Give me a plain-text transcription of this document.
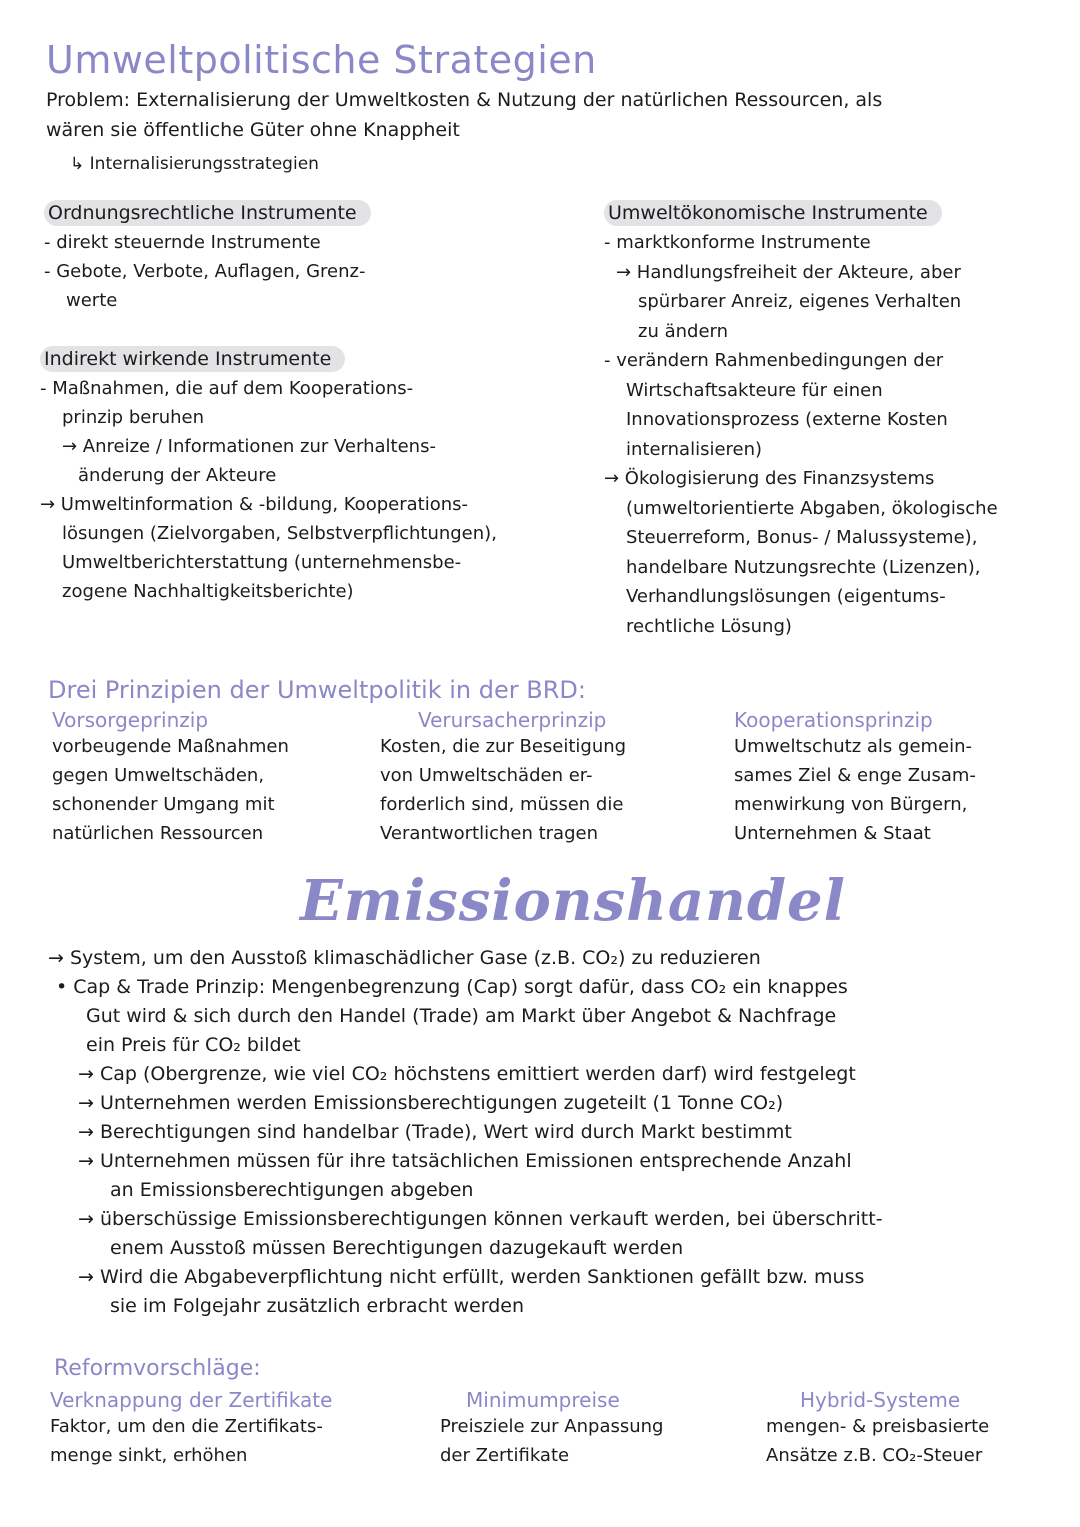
Umweltpolitische Strategien
Problem: Externalisierung der Umweltkosten & Nutzung der natürlichen Ressourcen, als
wären sie öffentliche Güter ohne Knappheit
↳ Internalisierungsstrategien
Ordnungsrechtliche Instrumente
- direkt steuernde Instrumente
- Gebote, Verbote, Auflagen, Grenz-
werte
Indirekt wirkende Instrumente
- Maßnahmen, die auf dem Kooperations-
prinzip beruhen
→ Anreize / Informationen zur Verhaltens-
änderung der Akteure
→ Umweltinformation & -bildung, Kooperations-
lösungen (Zielvorgaben, Selbstverpflichtungen),
Umweltberichterstattung (unternehmensbe-
zogene Nachhaltigkeitsberichte)
Umweltökonomische Instrumente
- marktkonforme Instrumente
→ Handlungsfreiheit der Akteure, aber
spürbarer Anreiz, eigenes Verhalten
zu ändern
- verändern Rahmenbedingungen der
Wirtschaftsakteure für einen
Innovationsprozess (externe Kosten
internalisieren)
→ Ökologisierung des Finanzsystems
(umweltorientierte Abgaben, ökologische
Steuerreform, Bonus- / Malussysteme),
handelbare Nutzungsrechte (Lizenzen),
Verhandlungslösungen (eigentums-
rechtliche Lösung)
Drei Prinzipien der Umweltpolitik in der BRD:
Vorsorgeprinzip
vorbeugende Maßnahmen
gegen Umweltschäden,
schonender Umgang mit
natürlichen Ressourcen
Verursacherprinzip
Kosten, die zur Beseitigung
von Umweltschäden er-
forderlich sind, müssen die
Verantwortlichen tragen
Kooperationsprinzip
Umweltschutz als gemein-
sames Ziel & enge Zusam-
menwirkung von Bürgern,
Unternehmen & Staat
Emissionshandel
→ System, um den Ausstoß klimaschädlicher Gase (z.B. CO₂) zu reduzieren
• Cap & Trade Prinzip: Mengenbegrenzung (Cap) sorgt dafür, dass CO₂ ein knappes
Gut wird & sich durch den Handel (Trade) am Markt über Angebot & Nachfrage
ein Preis für CO₂ bildet
→ Cap (Obergrenze, wie viel CO₂ höchstens emittiert werden darf) wird festgelegt
→ Unternehmen werden Emissionsberechtigungen zugeteilt (1 Tonne CO₂)
→ Berechtigungen sind handelbar (Trade), Wert wird durch Markt bestimmt
→ Unternehmen müssen für ihre tatsächlichen Emissionen entsprechende Anzahl
an Emissionsberechtigungen abgeben
→ überschüssige Emissionsberechtigungen können verkauft werden, bei überschritt-
enem Ausstoß müssen Berechtigungen dazugekauft werden
→ Wird die Abgabeverpflichtung nicht erfüllt, werden Sanktionen gefällt bzw. muss
sie im Folgejahr zusätzlich erbracht werden
Reformvorschläge:
Verknappung der Zertifikate
Faktor, um den die Zertifikats-
menge sinkt, erhöhen
Minimumpreise
Preisziele zur Anpassung
der Zertifikate
Hybrid-Systeme
mengen- & preisbasierte
Ansätze z.B. CO₂-Steuer
